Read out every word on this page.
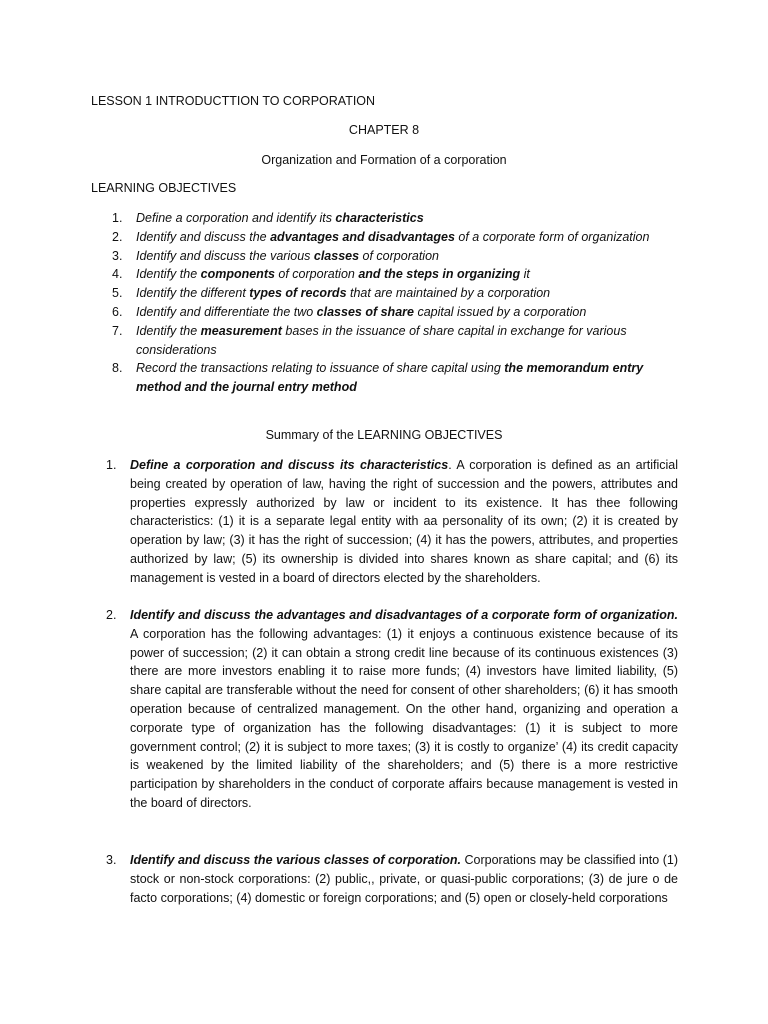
LESSON 1 INTRODUCTTION TO CORPORATION
CHAPTER 8
Organization and Formation of a corporation
LEARNING OBJECTIVES
1.	Define a corporation and identify its characteristics
2.	Identify and discuss the advantages and disadvantages of a corporate form of organization
3.	Identify and discuss the various classes of corporation
4.	Identify the components of corporation and the steps in organizing it
5.	Identify the different types of records that are maintained by a corporation
6.	Identify and differentiate the two classes of share capital issued by a corporation
7.	Identify the measurement bases in the issuance of share capital in exchange for various considerations
8.	Record the transactions relating to issuance of share capital using the memorandum entry method and the journal entry method
Summary of the LEARNING OBJECTIVES
1.	Define a corporation and discuss its characteristics. A corporation is defined as an artificial being created by operation of law, having the right of succession and the powers, attributes and properties expressly authorized by law or incident to its existence. It has thee following characteristics: (1) it is a separate legal entity with aa personality of its own; (2) it is created by operation by law; (3) it has the right of succession; (4) it has the powers, attributes, and properties authorized by law; (5) its ownership is divided into shares known as share capital; and (6) its management is vested in a board of directors elected by the shareholders.
2.	Identify and discuss the advantages and disadvantages of a corporate form of organization. A corporation has the following advantages: (1) it enjoys a continuous existence because of its power of succession; (2) it can obtain a strong credit line because of its continuous existences (3) there are more investors enabling it to raise more funds; (4) investors have limited liability, (5) share capital are transferable without the need for consent of other shareholders; (6) it has smooth operation because of centralized management. On the other hand, organizing and operation a corporate type of organization has the following disadvantages: (1) it is subject to more government control; (2) it is subject to more taxes; (3) it is costly to organize’ (4) its credit capacity is weakened by the limited liability of the shareholders; and (5) there is a more restrictive participation by shareholders in the conduct of corporate affairs because management is vested in the board of directors.
3.	Identify and discuss the various classes of corporation. Corporations may be classified into (1) stock or non-stock corporations: (2) public,, private, or quasi-public corporations; (3) de jure o de facto corporations; (4) domestic or foreign corporations; and (5) open or closely-held corporations
